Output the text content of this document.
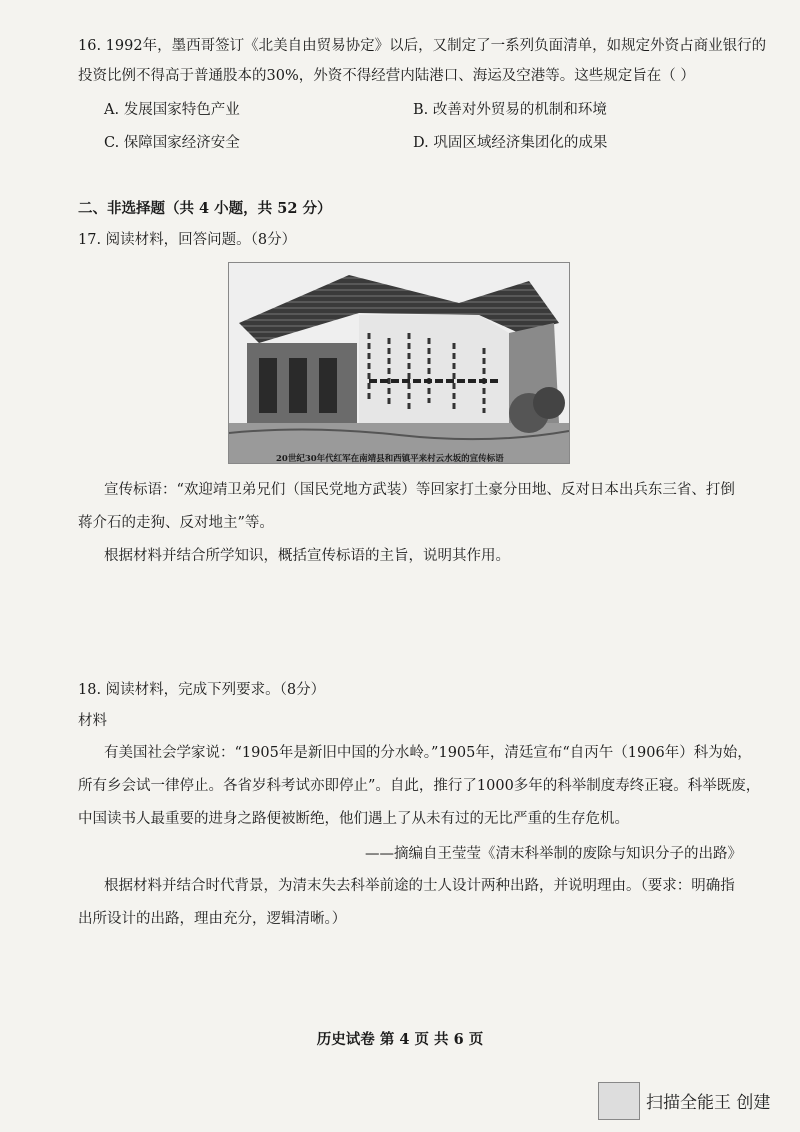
16. 1992年，墨西哥签订《北美自由贸易协定》以后，又制定了一系列负面清单，如规定外资占商业银行的
投资比例不得高于普通股本的30%，外资不得经营内陆港口、海运及空港等。这些规定旨在（ ）
A. 发展国家特色产业	B. 改善对外贸易的机制和环境
C. 保障国家经济安全	D. 巩固区域经济集团化的成果
二、非选择题（共 4 小题，共 52 分）
17. 阅读材料，回答问题。（8分）
20世纪30年代红军在南靖县和西镇平来村云水坂的宣传标语
宣传标语：“欢迎靖卫弟兄们（国民党地方武装）等回家打土豪分田地、反对日本出兵东三省、打倒
蒋介石的走狗、反对地主”等。
根据材料并结合所学知识，概括宣传标语的主旨，说明其作用。
18. 阅读材料，完成下列要求。（8分）
材料
有美国社会学家说：“1905年是新旧中国的分水岭。”1905年，清廷宣布“自丙午（1906年）科为始，
所有乡会试一律停止。各省岁科考试亦即停止”。自此，推行了1000多年的科举制度寿终正寝。科举既废，
中国读书人最重要的进身之路便被断绝，他们遇上了从未有过的无比严重的生存危机。
——摘编自王莹莹《清末科举制的废除与知识分子的出路》
根据材料并结合时代背景，为清末失去科举前途的士人设计两种出路，并说明理由。（要求：明确指
出所设计的出路，理由充分，逻辑清晰。）
历史试卷 第 4 页 共 6 页
扫描全能王 创建
